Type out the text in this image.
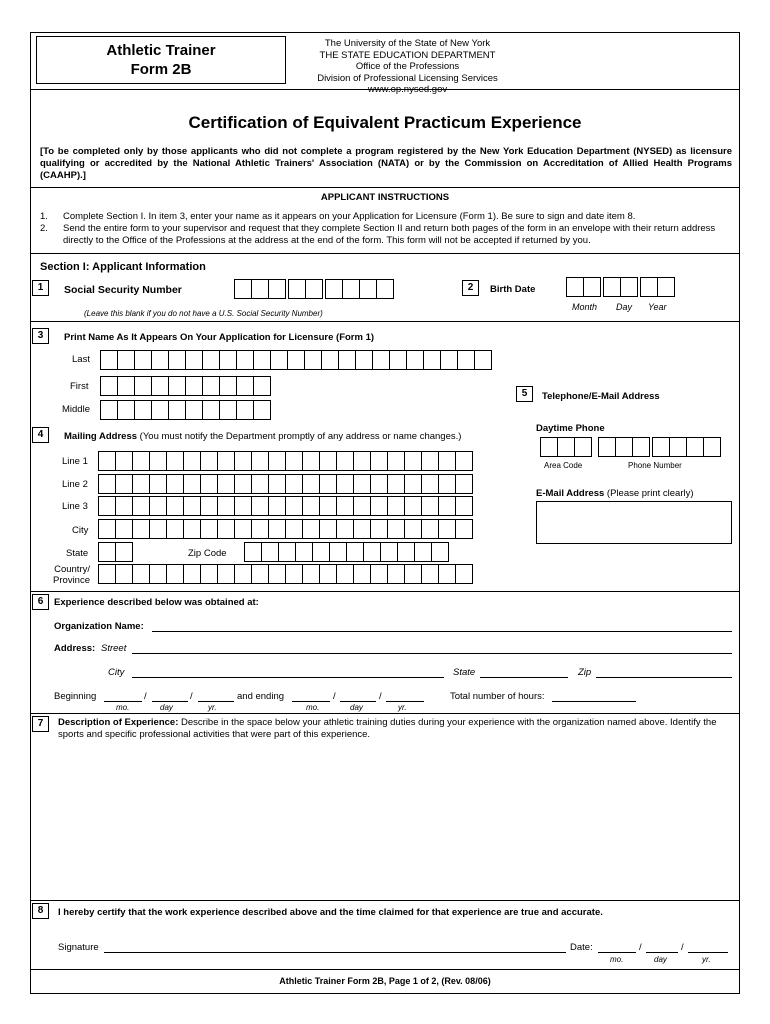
Athletic Trainer
Form 2B
The University of the State of New York
THE STATE EDUCATION DEPARTMENT
Office of the Professions
Division of Professional Licensing Services
www.op.nysed.gov
Certification of Equivalent Practicum Experience
[To be completed only by those applicants who did not complete a program registered by the New York Education Department (NYSED) as licensure qualifying or accredited by the National Athletic Trainers' Association (NATA) or by the Commission on Accreditation of Allied Health Programs (CAAHP).]
APPLICANT INSTRUCTIONS
1. Complete Section I. In item 3, enter your name as it appears on your Application for Licensure (Form 1). Be sure to sign and date item 8.
2. Send the entire form to your supervisor and request that they complete Section II and return both pages of the form in an envelope with their return address directly to the Office of the Professions at the address at the end of the form. This form will not be accepted if returned by you.
Section I: Applicant Information
1	Social Security Number
(Leave this blank if you do not have a U.S. Social Security Number)
2	Birth Date
Month Day Year
3	Print Name As It Appears On Your Application for Licensure (Form 1)
Last
First
Middle
5	Telephone/E-Mail Address
Daytime Phone
Area Code	Phone Number
E-Mail Address (Please print clearly)
4	Mailing Address (You must notify the Department promptly of any address or name changes.)
Line 1
Line 2
Line 3
City
State	Zip Code
Country/
Province
6	Experience described below was obtained at:
Organization Name:
Address: Street
City	State	Zip
Beginning	/	/	and ending	/	/	Total number of hours:
mo.	day	yr.	mo.	day	yr.
7	Description of Experience: Describe in the space below your athletic training duties during your experience with the organization named above. Identify the sports and specific professional activities that were part of this experience.
8	I hereby certify that the work experience described above and the time claimed for that experience are true and accurate.
Signature	Date:	/	/
mo.	day	yr.
Athletic Trainer Form 2B, Page 1 of 2, (Rev. 08/06)
